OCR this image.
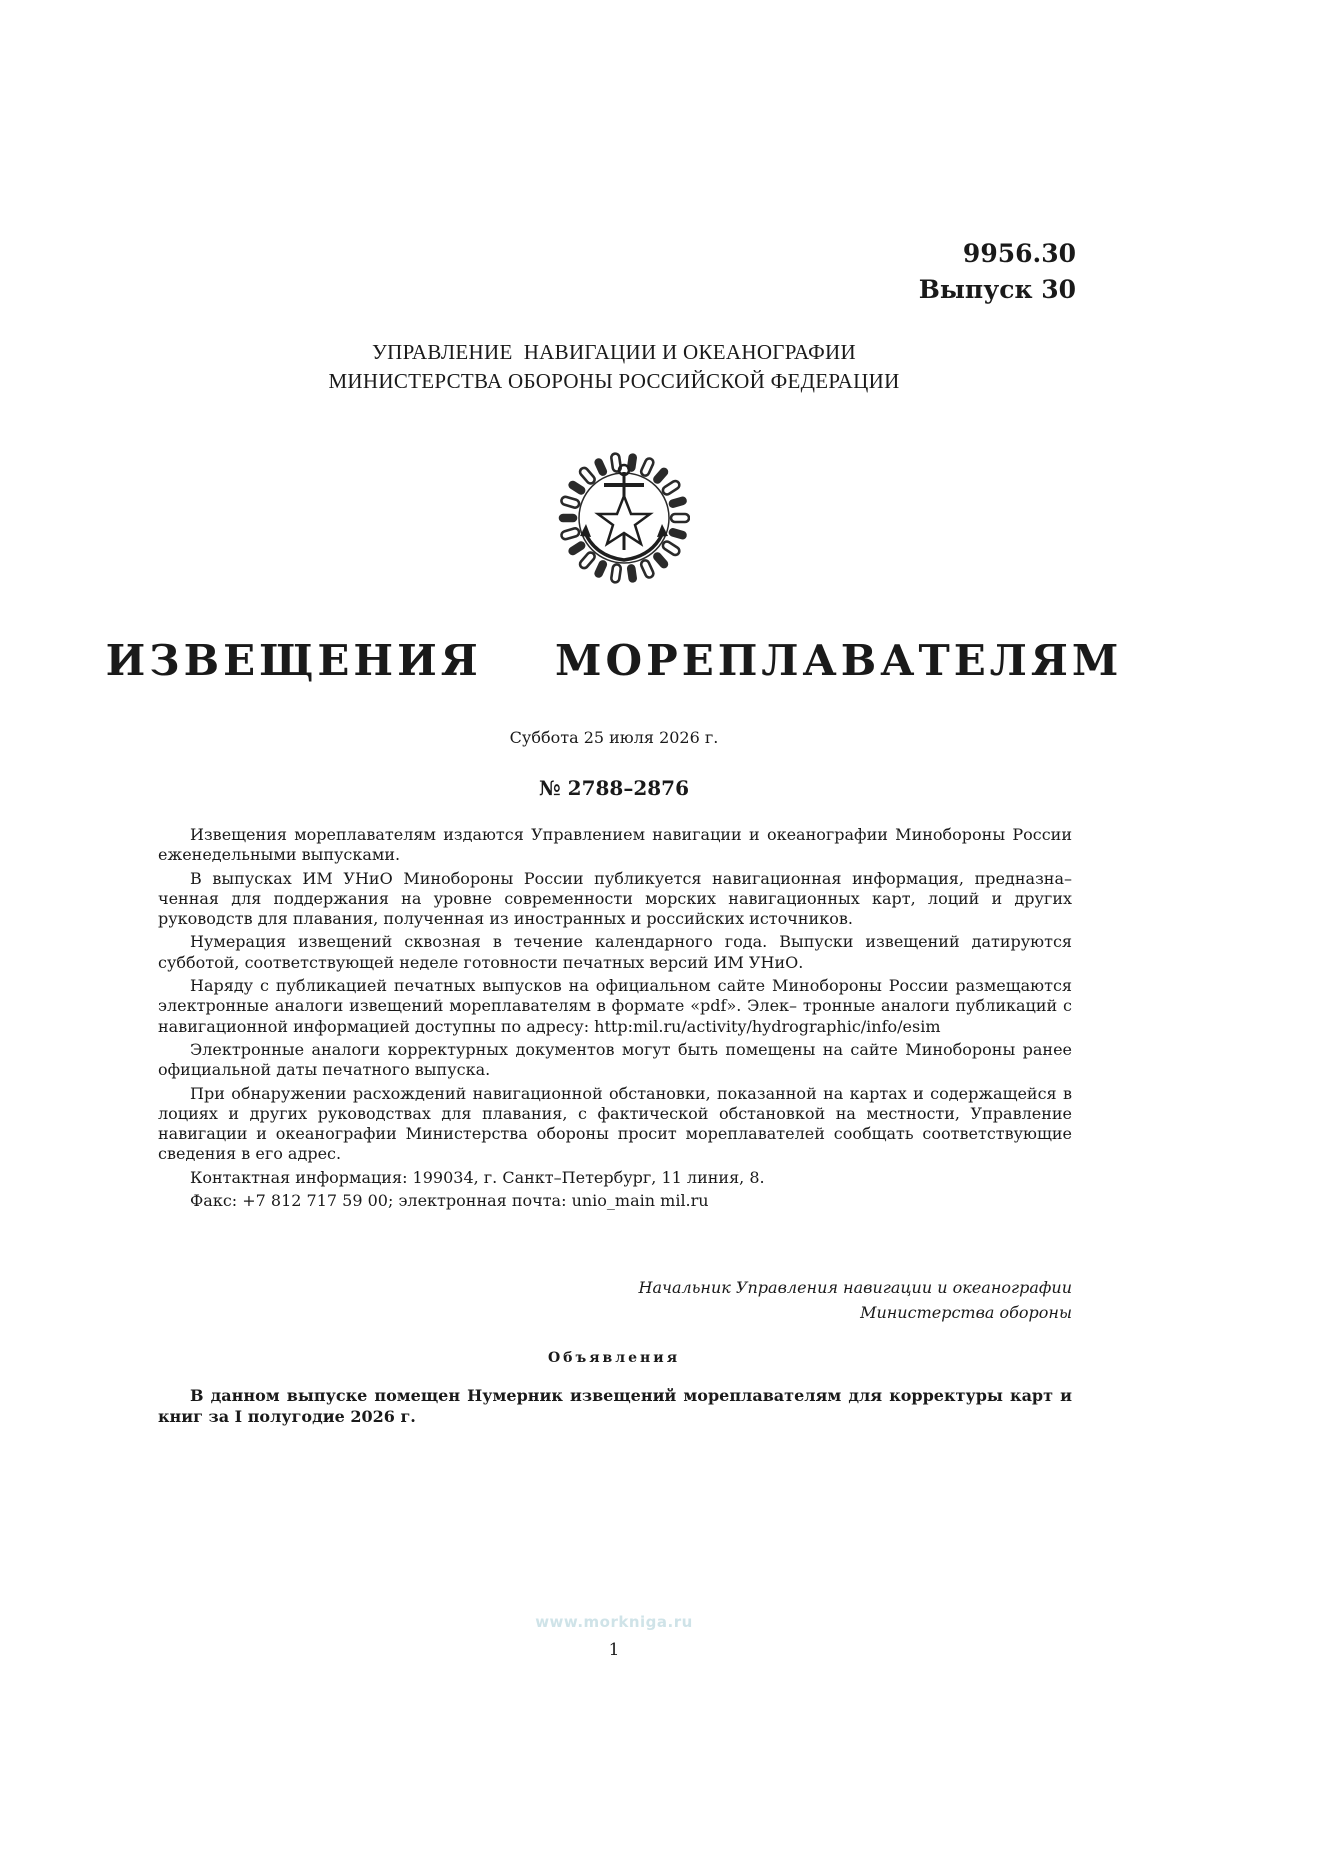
9956.30
Выпуск 30
УПРАВЛЕНИЕ  НАВИГАЦИИ И ОКЕАНОГРАФИИ
МИНИСТЕРСТВА ОБОРОНЫ РОССИЙСКОЙ ФЕДЕРАЦИИ
ИЗВЕЩЕНИЯ  МОРЕПЛАВАТЕЛЯМ
Суббота 25 июля 2026 г.
№ 2788–2876

Извещения мореплавателям издаются Управлением навигации и океанографии Минобороны России еженедельными выпусками.

В выпусках ИМ УНиО Минобороны России публикуется навигационная информация, предназна– ченная для поддержания на уровне современности морских навигационных карт, лоций и других руководств для плавания, полученная из иностранных и российских источников.

Нумерация извещений сквозная в течение календарного года. Выпуски извещений датируются субботой, соответствующей неделе готовности печатных версий ИМ УНиО.

Наряду с публикацией печатных выпусков на официальном сайте Минобороны России размещаются электронные аналоги извещений мореплавателям в формате «pdf». Элек– тронные аналоги публикаций с навигационной информацией доступны по адресу: http:mil.ru/activity/hydrographic/info/esim

Электронные аналоги корректурных документов могут быть помещены на сайте Минобороны ранее официальной даты печатного выпуска.

При обнаружении расхождений навигационной обстановки, показанной на картах и содержащейся в лоциях и других руководствах для плавания, с фактической обстановкой на местности, Управление навигации и океанографии Министерства обороны просит мореплавателей сообщать соответствующие сведения в его адрес.

Контактная информация: 199034, г. Санкт–Петербург, 11 линия, 8.

Факс: +7 812 717 59 00; электронная почта: unio_main mil.ru

Начальник Управления навигации и океанографии
Министерства обороны
Объявления

В данном выпуске помещен Нумерник извещений мореплавателям для корректуры карт и книг за I полугодие 2026 г.

www.morkniga.ru
1
